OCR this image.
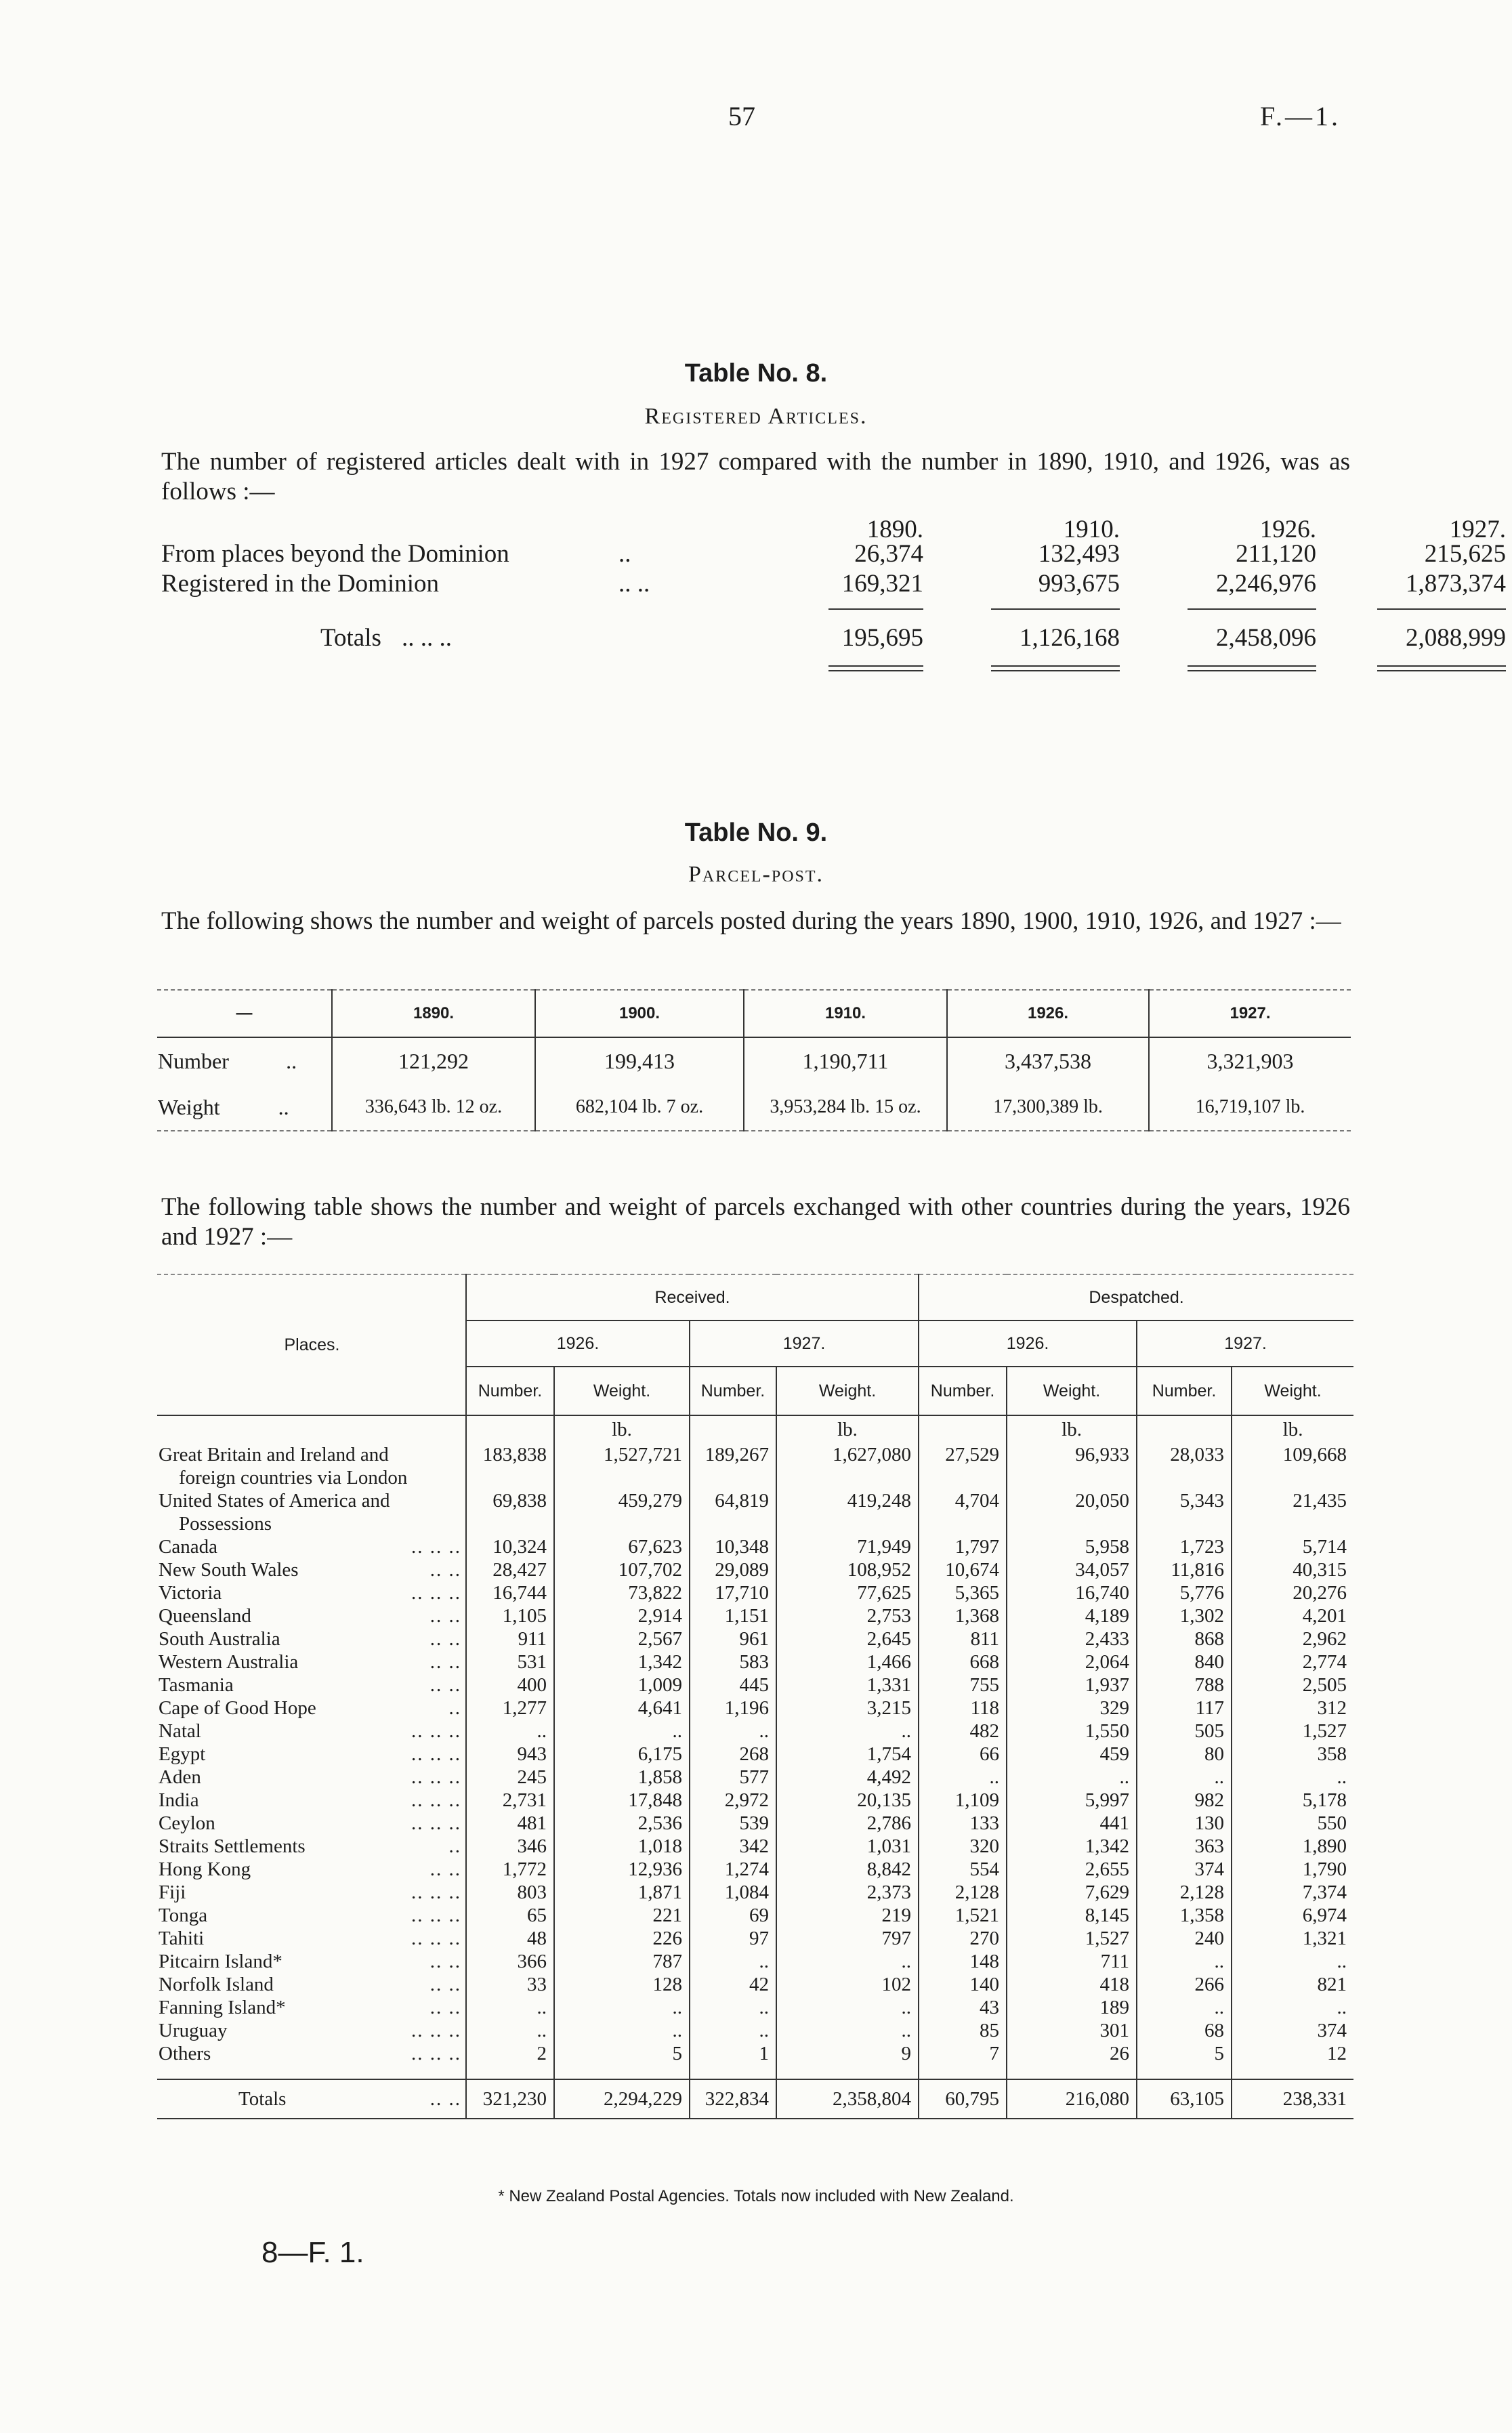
57	F.—1.
Table No. 8.
Registered Articles.
The number of registered articles dealt with in 1927 compared with the number in 1890, 1910, and 1926, was as follows :—
1890.	1910.	1926.	1927.
From places beyond the Dominion	..	26,374	132,493	211,120	215,625
Registered in the Dominion	.. ..	169,321	993,675	2,246,976	1,873,374
Totals .. .. ..	195,695	1,126,168	2,458,096	2,088,999
Table No. 9.
Parcel-post.
The following shows the number and weight of parcels posted during the years 1890, 1900, 1910, 1926, and 1927 :—
—	1890.	1900.	1910.	1926.	1927.
Number ..	121,292	199,413	1,190,711	3,437,538	3,321,903
Weight ..	336,643 lb. 12 oz.	682,104 lb. 7 oz.	3,953,284 lb. 15 oz.	17,300,389 lb.	16,719,107 lb.
The following table shows the number and weight of parcels exchanged with other countries during the years, 1926 and 1927 :—
Places.	Received.				Despatched.			
	1926.		1927.		1926.		1927.	
	Number.	Weight.	Number.	Weight.	Number.	Weight.	Number.	Weight.
		lb.		lb.		lb.		lb.
Great Britain and Ireland and
foreign countries via London	183,838	1,527,721	189,267	1,627,080	27,529	96,933	28,033	109,668
United States of America and
Possessions	69,838	459,279	64,819	419,248	4,704	20,050	5,343	21,435
Canada .. .. ..	10,324	67,623	10,348	71,949	1,797	5,958	1,723	5,714
New South Wales .. ..	28,427	107,702	29,089	108,952	10,674	34,057	11,816	40,315
Victoria .. .. ..	16,744	73,822	17,710	77,625	5,365	16,740	5,776	20,276
Queensland .. ..	1,105	2,914	1,151	2,753	1,368	4,189	1,302	4,201
South Australia .. ..	911	2,567	961	2,645	811	2,433	868	2,962
Western Australia .. ..	531	1,342	583	1,466	668	2,064	840	2,774
Tasmania .. ..	400	1,009	445	1,331	755	1,937	788	2,505
Cape of Good Hope ..	1,277	4,641	1,196	3,215	118	329	117	312
Natal .. .. ..	..	..	..	..	482	1,550	505	1,527
Egypt .. .. ..	943	6,175	268	1,754	66	459	80	358
Aden .. .. ..	245	1,858	577	4,492	..	..	..	..
India .. .. ..	2,731	17,848	2,972	20,135	1,109	5,997	982	5,178
Ceylon .. .. ..	481	2,536	539	2,786	133	441	130	550
Straits Settlements ..	346	1,018	342	1,031	320	1,342	363	1,890
Hong Kong .. ..	1,772	12,936	1,274	8,842	554	2,655	374	1,790
Fiji .. .. ..	803	1,871	1,084	2,373	2,128	7,629	2,128	7,374
Tonga .. .. ..	65	221	69	219	1,521	8,145	1,358	6,974
Tahiti .. .. ..	48	226	97	797	270	1,527	240	1,321
Pitcairn Island* .. ..	366	787	..	..	148	711	..	..
Norfolk Island .. ..	33	128	42	102	140	418	266	821
Fanning Island* .. ..	..	..	..	..	43	189	..	..
Uruguay .. .. ..	..	..	..	..	85	301	68	374
Others .. .. ..	2	5	1	9	7	26	5	12

Totals .. ..	321,230	2,294,229	322,834	2,358,804	60,795	216,080	63,105	238,331
* New Zealand Postal Agencies. Totals now included with New Zealand.
8—F. 1.
